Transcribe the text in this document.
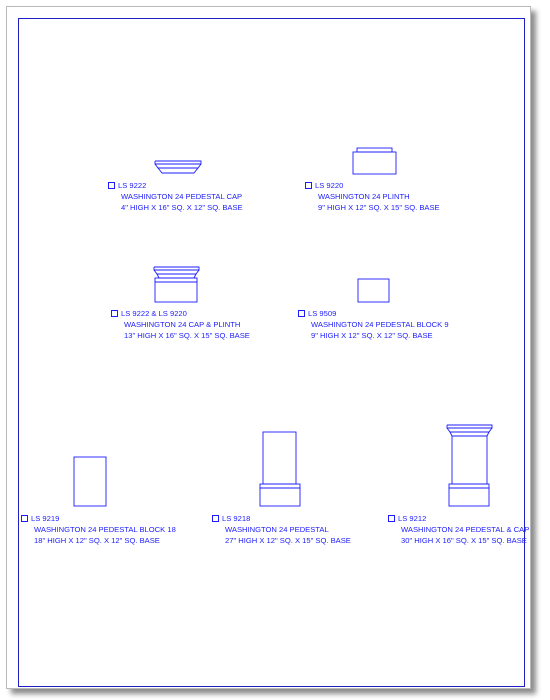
LS 9222
WASHINGTON 24 PEDESTAL CAP
4" HIGH X 16" SQ. X 12" SQ. BASE
LS 9220
WASHINGTON 24 PLINTH
9" HIGH X 12" SQ. X 15" SQ. BASE
LS 9222 & LS 9220
WASHINGTON 24 CAP & PLINTH
13" HIGH X 16" SQ. X 15" SQ. BASE
LS 9509
WASHINGTON 24 PEDESTAL BLOCK 9
9" HIGH X 12" SQ. X 12" SQ. BASE
LS 9219
WASHINGTON 24 PEDESTAL BLOCK 18
18" HIGH X 12" SQ. X 12" SQ. BASE
LS 9218
WASHINGTON 24 PEDESTAL
27" HIGH X 12" SQ. X 15" SQ. BASE
LS 9212
WASHINGTON 24 PEDESTAL & CAP
30" HIGH X 16" SQ. X 15" SQ. BASE
